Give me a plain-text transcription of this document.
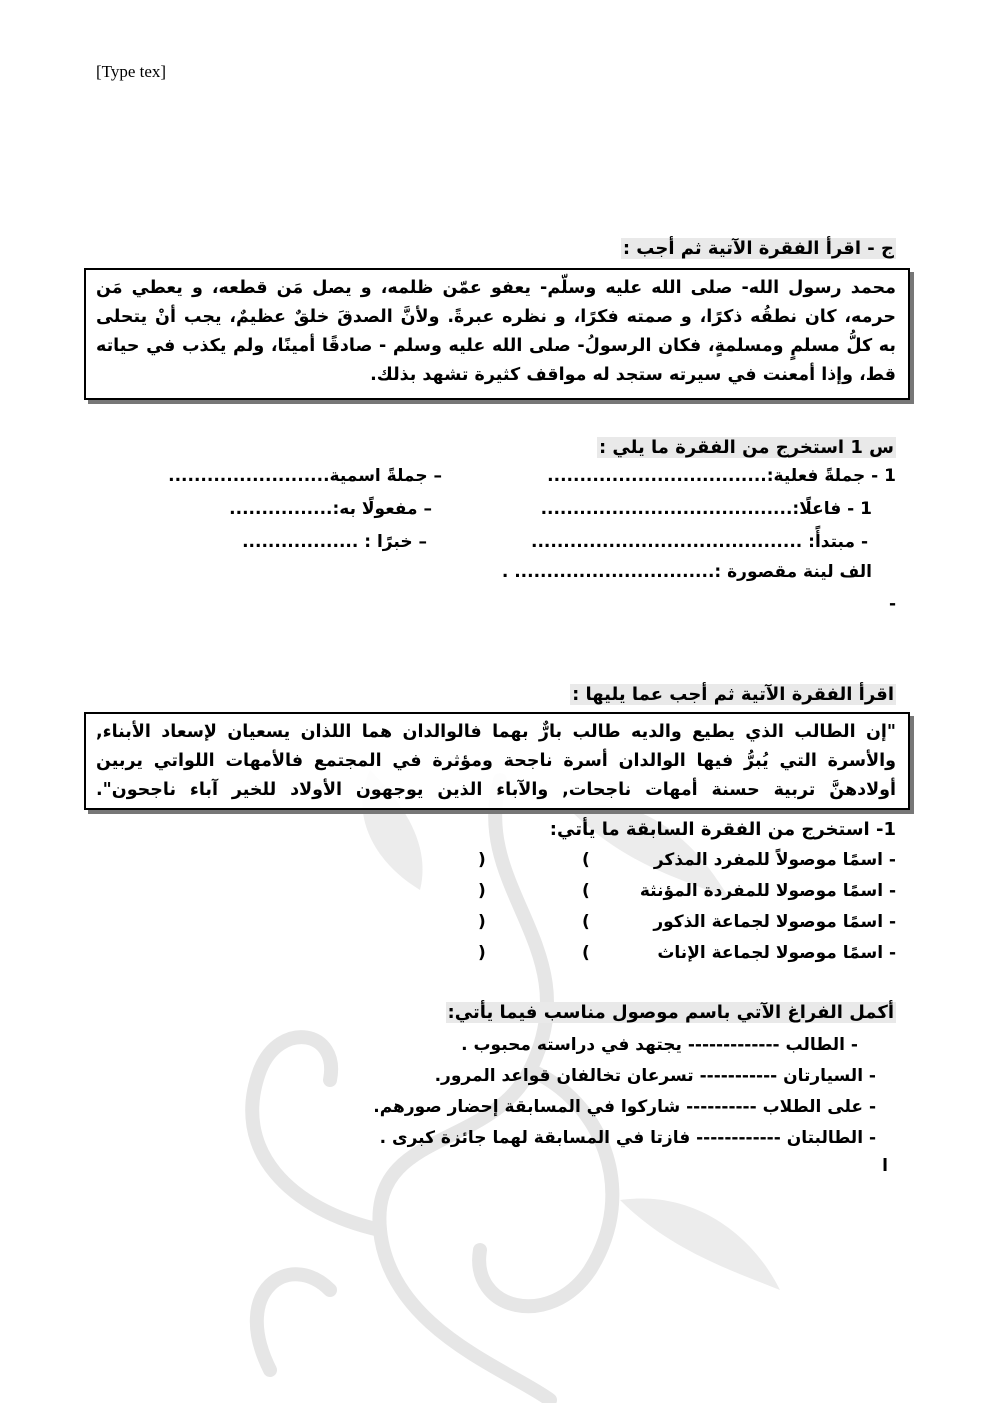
[Type tex]
ج - اقرأ الفقرة الآتية ثم أجب :

محمد رسول الله- صلى الله عليه وسلّم- يعفو عمّن ظلمه، و يصل مَن قطعه، و يعطي مَن

حرمه، كان نطقُه ذكرًا، و صمته فكرًا، و نظره عبرةً. ولأنَّ الصدقَ خلقٌ عظيمٌ، يجب أنْ يتحلى

به كلُّ مسلمٍ ومسلمةٍ، فكان الرسولُ- صلى الله عليه وسلم - صادقًا أمينًا، ولم يكذب في حياته

قط، وإذا أمعنت في سيرته ستجد له مواقف كثيرة تشهد بذلك.

س 1 استخرج من الفقرة ما يلي :
1 - جملةً فعلية:..................................
– جملةً اسمية.........................
1 - فاعلًا:.......................................
– مفعولًا به:................
- مبتدأً: ..........................................
– خبرًا : ..................
الف لينة مقصورة :............................... .
-
اقرأ الفقرة الآتية ثم أجب عما يليها :

"إن الطالب الذي يطيع والديه طالب بارٌّ بهما فالوالدان هما اللذان يسعيان لإسعاد الأبناء,

والأسرة التي يُبرُّ فيها الوالدان أسرة ناجحة ومؤثرة في المجتمع فالأمهات اللواتي يربين

أولادهنَّ تربية حسنة أمهات ناجحات, والآباء الذين يوجهون الأولاد للخير آباء ناجحون".

1- استخرج من الفقرة السابقة ما يأتي:
- اسمًا موصولاً للمفرد المذكر
(
)
- اسمًا موصولا للمفردة المؤنثة
(
)
- اسمًا موصولا لجماعة الذكور
(
)
- اسمًا موصولا لجماعة الإناث
(
)
أكمل الفراغ الآتي باسم موصول مناسب فيما يأتي:
- الطالب ------------- يجتهد في دراسته محبوب .
- السيارتان ----------- تسرعان تخالفان قواعد المرور.
- على الطلاب ---------- شاركوا في المسابقة إحضار صورهم.
- الطالبتان ------------ فازتا في المسابقة لهما جائزة كبرى .
ا
